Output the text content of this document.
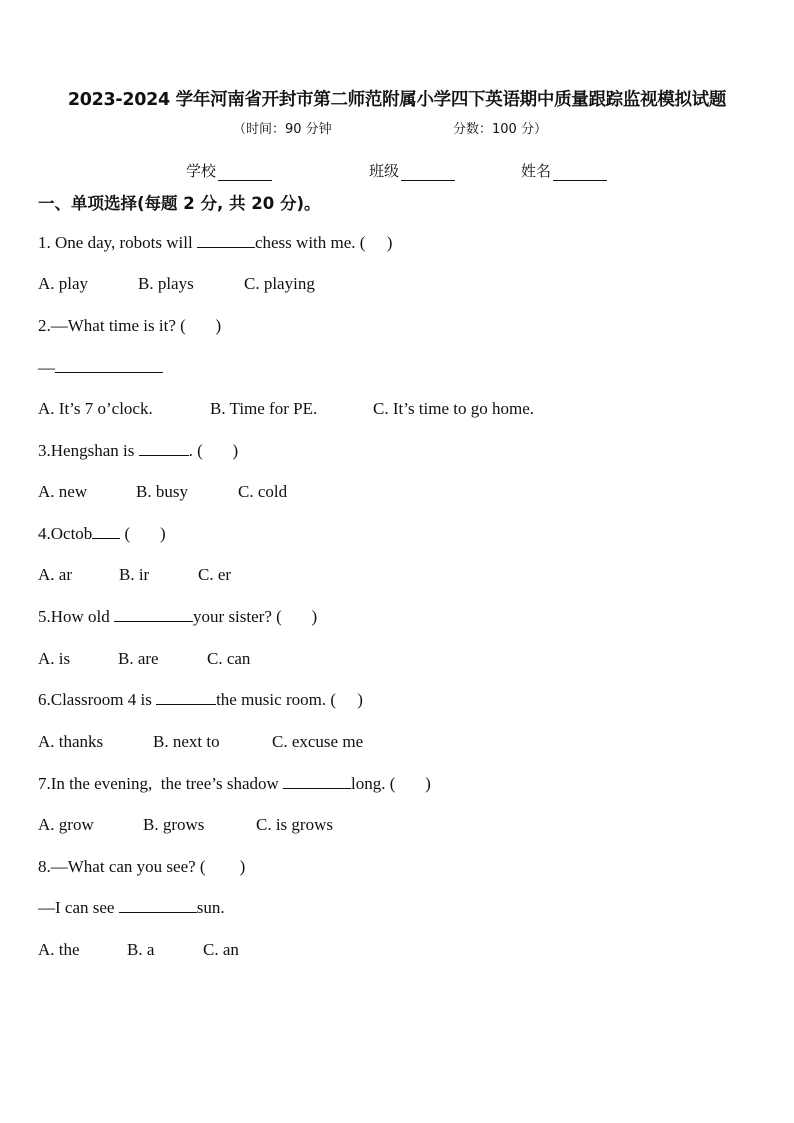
2023-2024 学年河南省开封市第二师范附属小学四下英语期中质量跟踪监视模拟试题
（时间：90 分钟	分数：100 分）
学校	班级	姓名
一、单项选择(每题 2 分, 共 20 分)。
1. One day, robots will	chess with me. (     )
A. play	B. plays	C. playing
2.—What time is it? (       )
—
A. It’s 7 o’clock.	B. Time for PE.	C. It’s time to go home.
3.Hengshan is	. (       )
A. new	B. busy	C. cold
4.Octob (       )
A. ar	B. ir	C. er
5.How old	your sister? (       )
A. is	B. are	C. can
6.Classroom 4 is	the music room. (     )
A. thanks	B. next to	C. excuse me
7.In the evening,  the tree’s shadow	long. (       )
A. grow	B. grows	C. is grows
8.—What can you see? (        )
—I can see	sun.
A. the	B. a	C. an
